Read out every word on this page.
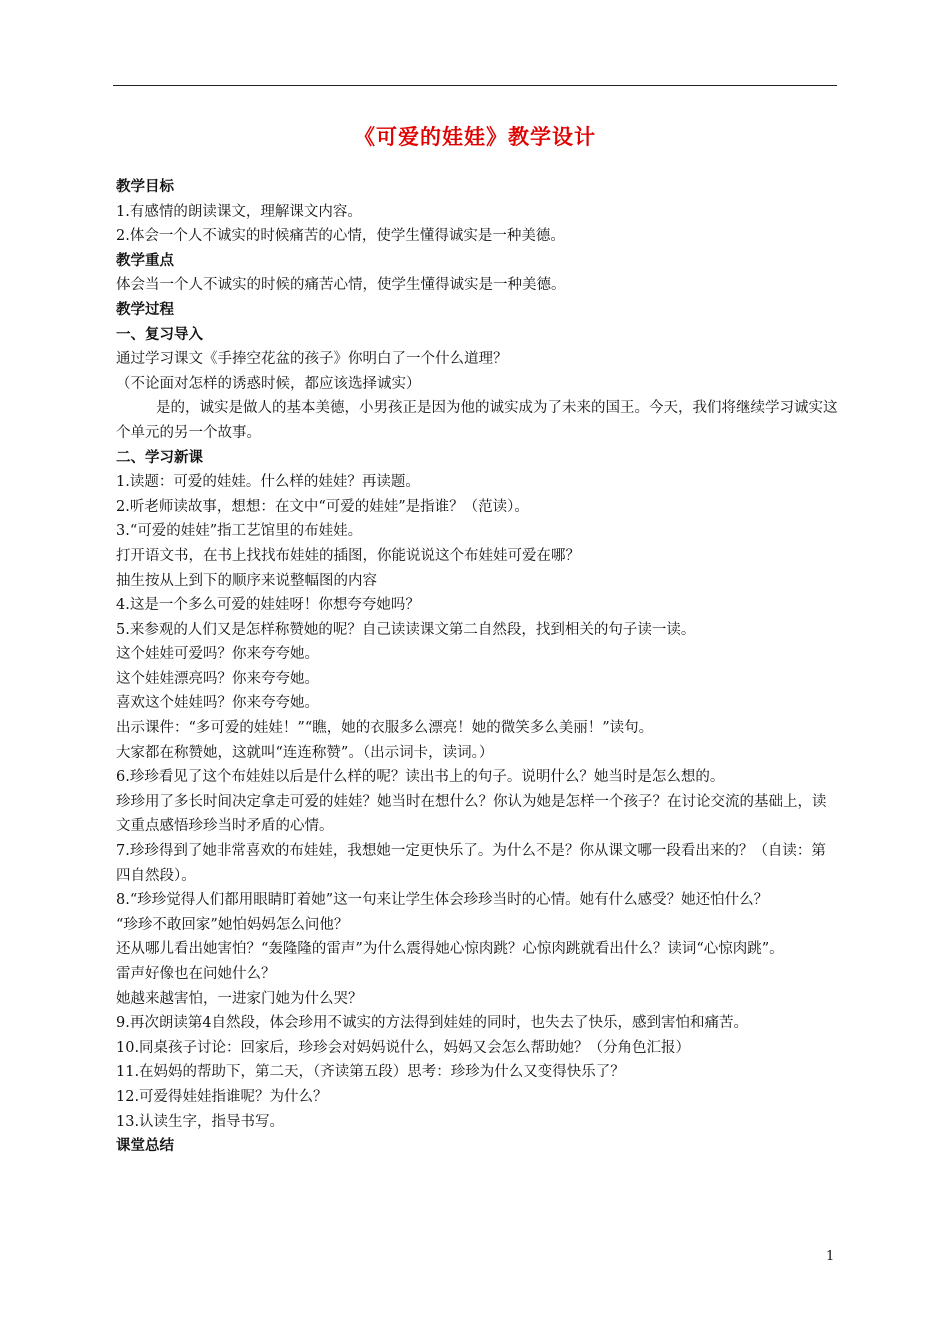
《可爱的娃娃》教学设计

教学目标

1.有感情的朗读课文，理解课文内容。

2.体会一个人不诚实的时候痛苦的心情，使学生懂得诚实是一种美德。

教学重点

体会当一个人不诚实的时候的痛苦心情，使学生懂得诚实是一种美德。

教学过程

一、复习导入

通过学习课文《手捧空花盆的孩子》你明白了一个什么道理？

（不论面对怎样的诱惑时候，都应该选择诚实）

是的，诚实是做人的基本美德，小男孩正是因为他的诚实成为了未来的国王。今天，我们将继续学习诚实这个单元的另一个故事。

二、学习新课

1.读题：可爱的娃娃。什么样的娃娃？再读题。

2.听老师读故事，想想：在文中“可爱的娃娃”是指谁？（范读）。

3.“可爱的娃娃”指工艺馆里的布娃娃。

打开语文书，在书上找找布娃娃的插图，你能说说这个布娃娃可爱在哪？

抽生按从上到下的顺序来说整幅图的内容

4.这是一个多么可爱的娃娃呀！你想夸夸她吗？

5.来参观的人们又是怎样称赞她的呢？自己读读课文第二自然段，找到相关的句子读一读。

这个娃娃可爱吗？你来夸夸她。

这个娃娃漂亮吗？你来夸夸她。

喜欢这个娃娃吗？你来夸夸她。

出示课件：“多可爱的娃娃！”“瞧，她的衣服多么漂亮！她的微笑多么美丽！”读句。

大家都在称赞她，这就叫“连连称赞”。（出示词卡，读词。）

6.珍珍看见了这个布娃娃以后是什么样的呢？读出书上的句子。说明什么？她当时是怎么想的。

珍珍用了多长时间决定拿走可爱的娃娃？她当时在想什么？你认为她是怎样一个孩子？在讨论交流的基础上，读文重点感悟珍珍当时矛盾的心情。

7.珍珍得到了她非常喜欢的布娃娃，我想她一定更快乐了。为什么不是？你从课文哪一段看出来的？（自读：第四自然段）。

8.“珍珍觉得人们都用眼睛盯着她”这一句来让学生体会珍珍当时的心情。她有什么感受？她还怕什么？

“珍珍不敢回家”她怕妈妈怎么问他？

还从哪儿看出她害怕？“轰隆隆的雷声”为什么震得她心惊肉跳？心惊肉跳就看出什么？读词“心惊肉跳”。

雷声好像也在问她什么？

她越来越害怕，一进家门她为什么哭？

9.再次朗读第4自然段，体会珍用不诚实的方法得到娃娃的同时，也失去了快乐，感到害怕和痛苦。

10.同桌孩子讨论：回家后，珍珍会对妈妈说什么，妈妈又会怎么帮助她？（分角色汇报）

11.在妈妈的帮助下，第二天，（齐读第五段）思考：珍珍为什么又变得快乐了？

12.可爱得娃娃指谁呢？为什么？

13.认读生字，指导书写。

课堂总结

1
